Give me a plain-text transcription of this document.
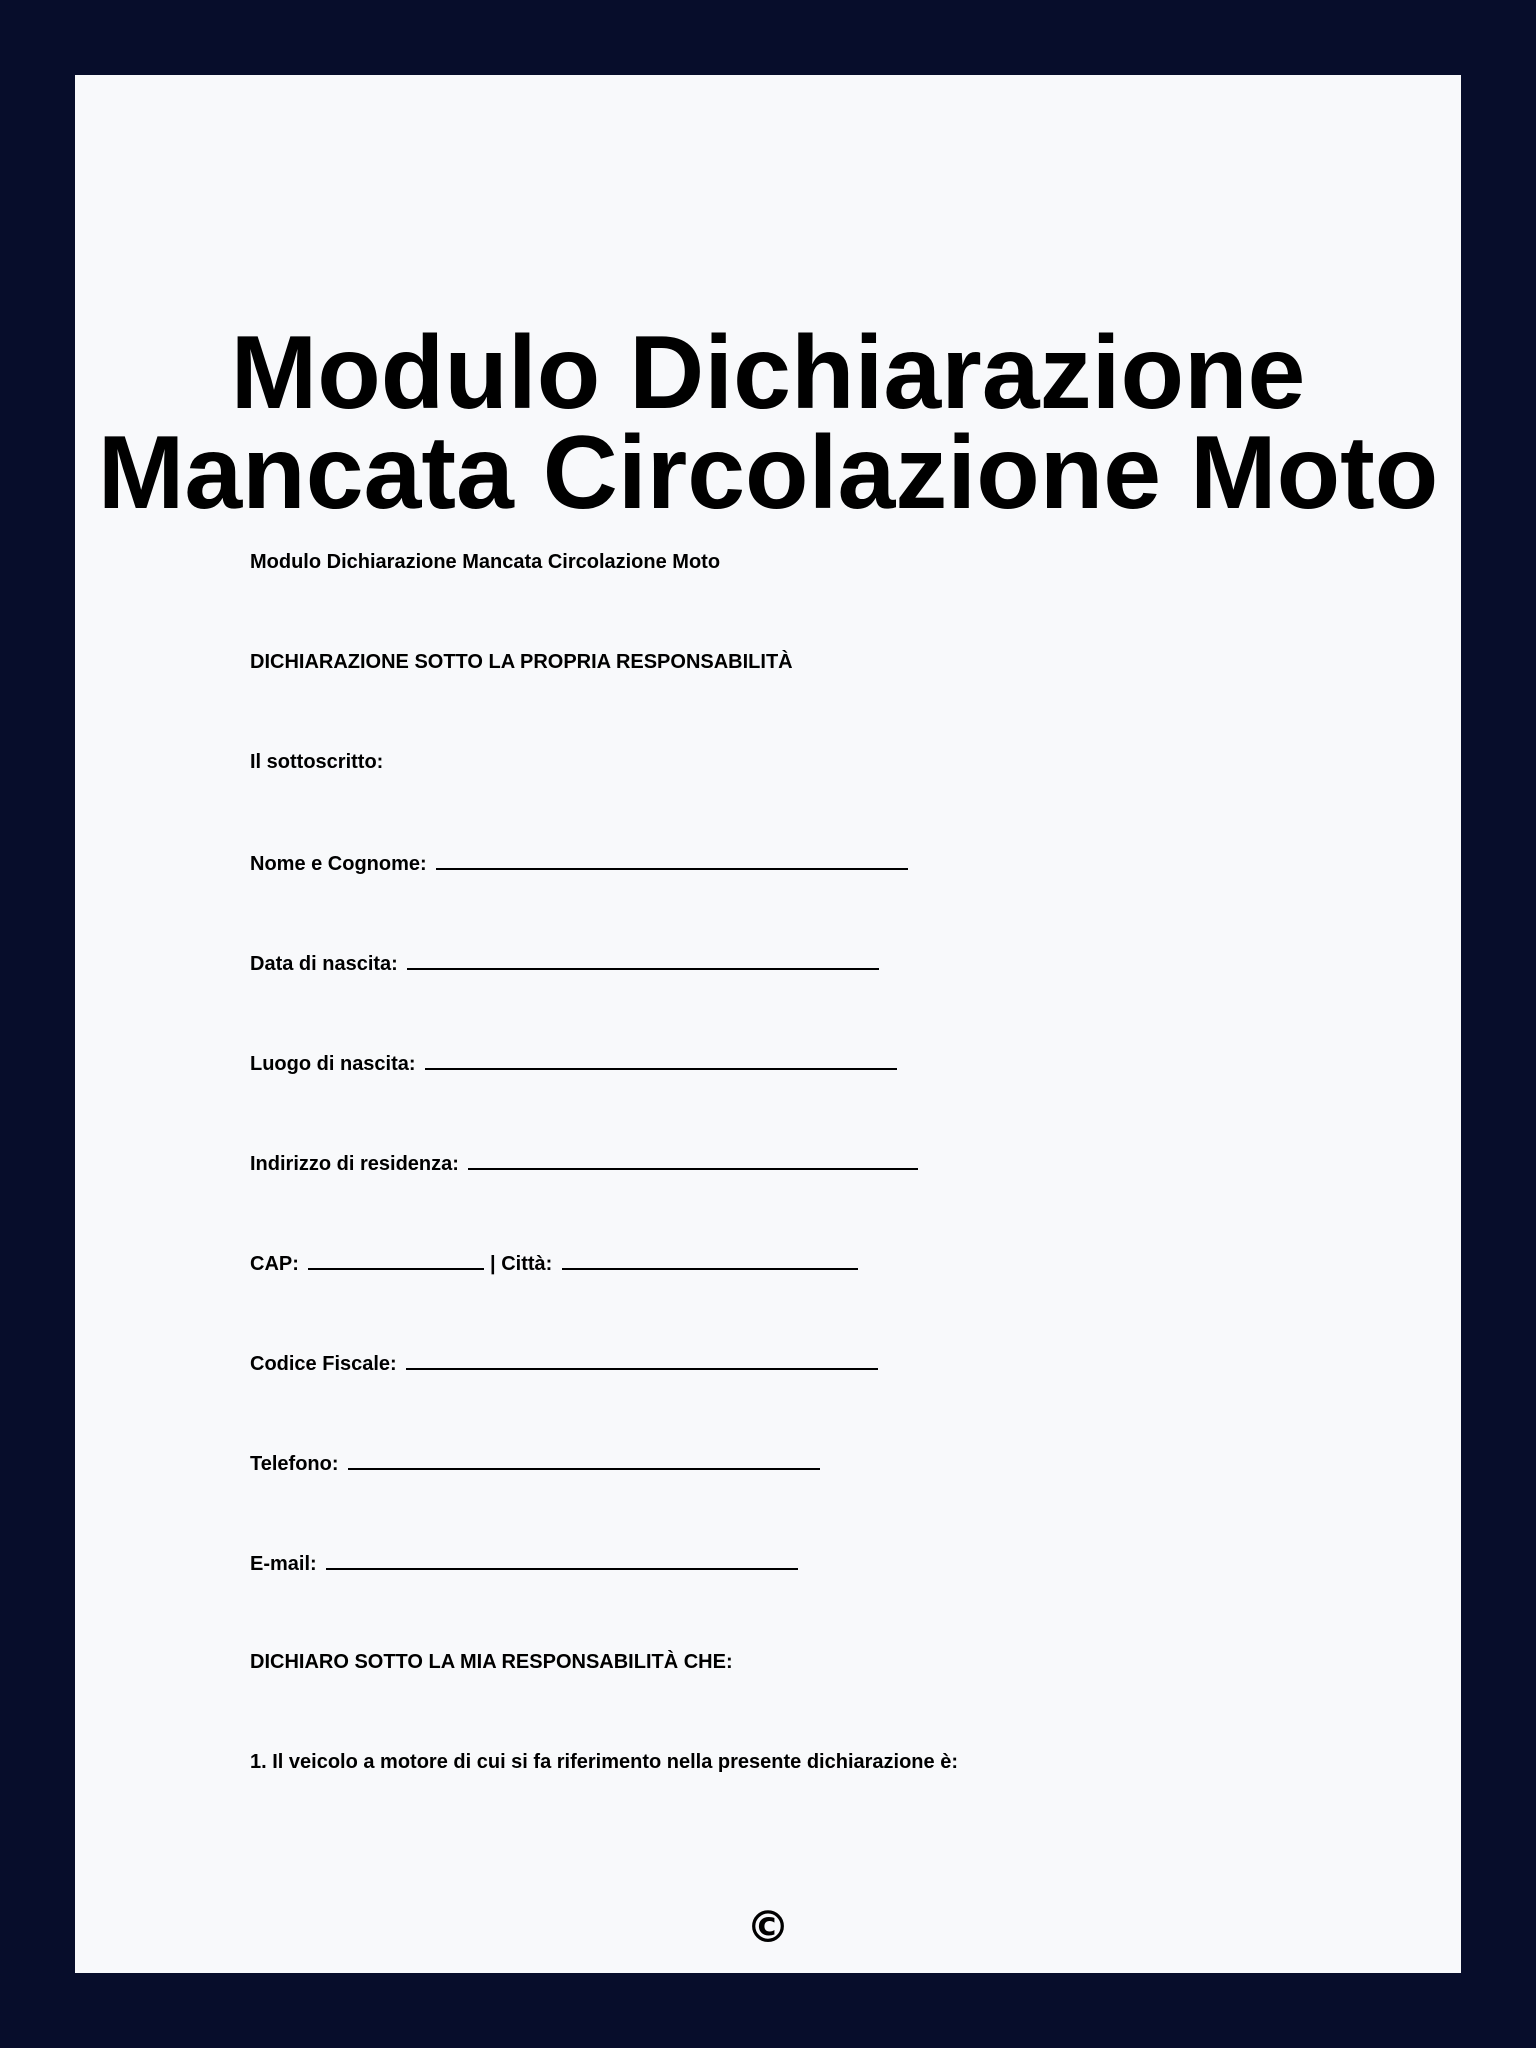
Modulo Dichiarazione
Mancata Circolazione Moto

Modulo Dichiarazione Mancata Circolazione Moto

DICHIARAZIONE SOTTO LA PROPRIA RESPONSABILITÀ

Il sottoscritto:

Nome e Cognome:

Data di nascita:

Luogo di nascita:

Indirizzo di residenza:

CAP:	| Città:

Codice Fiscale:

Telefono:

E-mail:

DICHIARO SOTTO LA MIA RESPONSABILITÀ CHE:

1. Il veicolo a motore di cui si fa riferimento nella presente dichiarazione è:

©
